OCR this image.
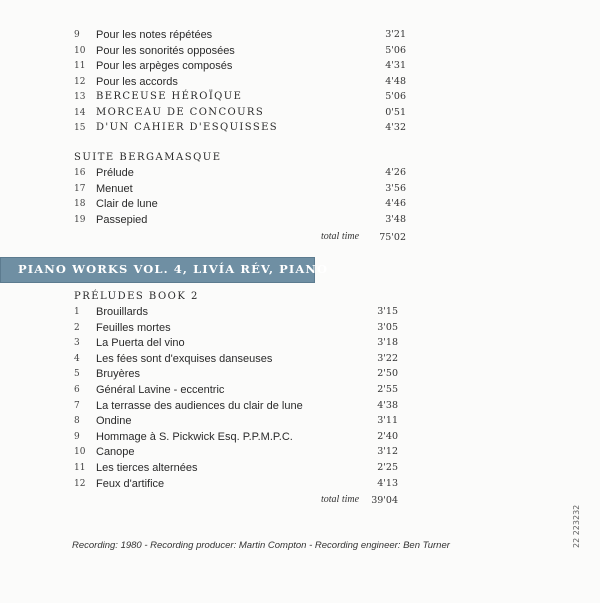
9	Pour les notes répétées	3'21
10 Pour les sonorités opposées	5'06
11 Pour les arpèges composés	4'31
12 Pour les accords	4'48
13	BERCEUSE HÉROÏQUE	5'06
14	MORCEAU DE CONCOURS	0'51
15	D'UN CAHIER D'ESQUISSES	4'32
SUITE BERGAMASQUE
16 Prélude	4'26
17 Menuet	3'56
18 Clair de lune	4'46
19 Passepied	3'48
total time	75'02
PIANO WORKS VOL. 4, LIVÍA RÉV, PIANO
PRÉLUDES BOOK 2
1	Brouillards	3'15
2	Feuilles mortes	3'05
3	La Puerta del vino	3'18
4	Les fées sont d'exquises danseuses	3'22
5	Bruyères	2'50
6	Général Lavine - eccentric	2'55
7	La terrasse des audiences du clair de lune	4'38
8	Ondine	3'11
9	Hommage à S. Pickwick Esq. P.P.M.P.C.	2'40
10 Canope	3'12
11 Les tierces alternées	2'25
12 Feux d'artifice	4'13
total time	39'04
Recording: 1980 - Recording producer: Martin Compton - Recording engineer: Ben Turner	22 223232
